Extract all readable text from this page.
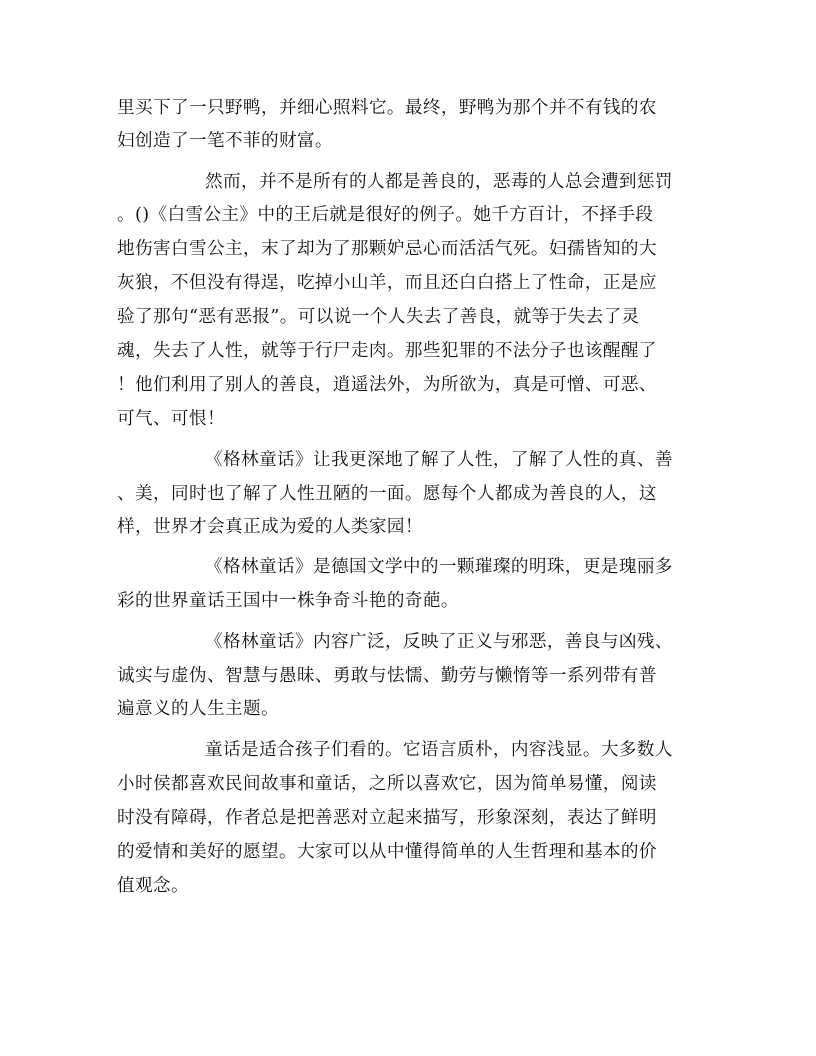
里买下了一只野鸭，并细心照料它。最终，野鸭为那个并不有钱的农
妇创造了一笔不菲的财富。
然而，并不是所有的人都是善良的，恶毒的人总会遭到惩罚
。()《白雪公主》中的王后就是很好的例子。她千方百计，不择手段
地伤害白雪公主，末了却为了那颗妒忌心而活活气死。妇孺皆知的大
灰狼，不但没有得逞，吃掉小山羊，而且还白白搭上了性命，正是应
验了那句“恶有恶报”。可以说一个人失去了善良，就等于失去了灵
魂，失去了人性，就等于行尸走肉。那些犯罪的不法分子也该醒醒了
！他们利用了别人的善良，逍遥法外，为所欲为，真是可憎、可恶、
可气、可恨！
《格林童话》让我更深地了解了人性，了解了人性的真、善
、美，同时也了解了人性丑陋的一面。愿每个人都成为善良的人，这
样，世界才会真正成为爱的人类家园！
《格林童话》是德国文学中的一颗璀璨的明珠，更是瑰丽多
彩的世界童话王国中一株争奇斗艳的奇葩。
《格林童话》内容广泛，反映了正义与邪恶，善良与凶残、
诚实与虚伪、智慧与愚昧、勇敢与怯懦、勤劳与懒惰等一系列带有普
遍意义的人生主题。
童话是适合孩子们看的。它语言质朴，内容浅显。大多数人
小时侯都喜欢民间故事和童话，之所以喜欢它，因为简单易懂，阅读
时没有障碍，作者总是把善恶对立起来描写，形象深刻，表达了鲜明
的爱情和美好的愿望。大家可以从中懂得简单的人生哲理和基本的价
值观念。
